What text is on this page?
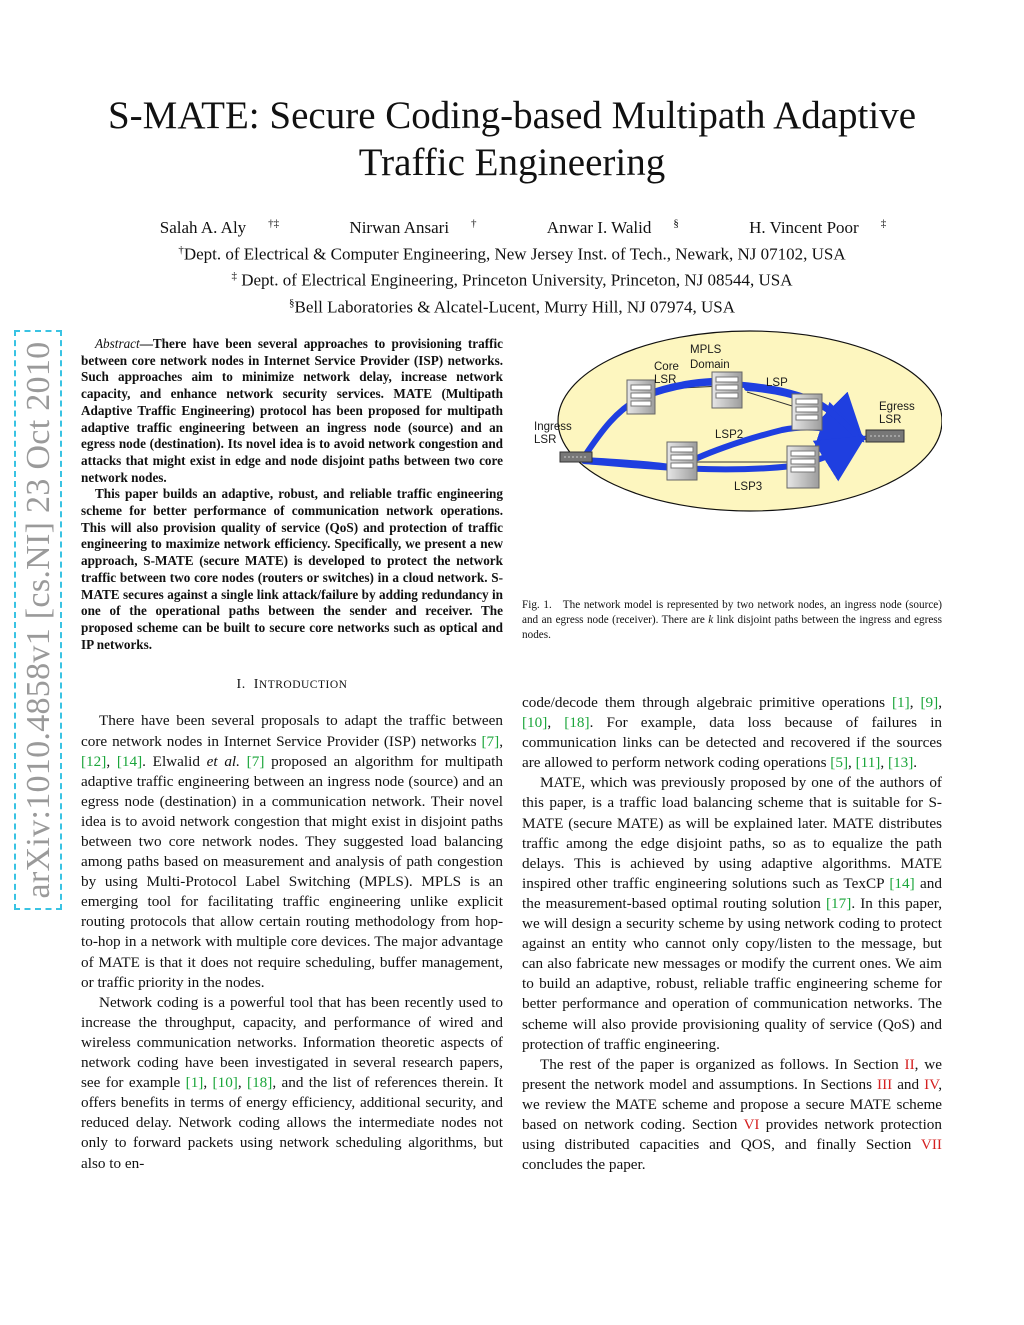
S-MATE: Secure Coding-based Multipath Adaptive
Traffic Engineering
Salah A. Aly †‡	Nirwan Ansari †	Anwar I. Walid §	H. Vincent Poor ‡
†Dept. of Electrical & Computer Engineering, New Jersey Inst. of Tech., Newark, NJ 07102, USA
‡ Dept. of Electrical Engineering, Princeton University, Princeton, NJ 08544, USA
§Bell Laboratories & Alcatel-Lucent, Murry Hill, NJ 07974, USA
arXiv:1010.4858v1 [cs.NI] 23 Oct 2010	Abstract—There have been several approaches to provisioning traffic between core network nodes in Internet Service Provider (ISP) networks. Such approaches aim to minimize network delay, increase network capacity, and enhance network security services. MATE (Multipath Adaptive Traffic Engineering) protocol has been proposed for multipath adaptive traffic engineering between an ingress node (source) and an egress node (destination). Its novel idea is to avoid network congestion and attacks that might exist in edge and node disjoint paths between two core network nodes.

This paper builds an adaptive, robust, and reliable traffic engineering scheme for better performance of communication network operations. This will also provision quality of service (QoS) and protection of traffic engineering to maximize network efficiency. Specifically, we present a new approach, S-MATE (secure MATE) is developed to protect the network traffic between two core nodes (routers or switches) in a cloud network. S-MATE secures against a single link attack/failure by adding redundancy in one of the operational paths between the sender and receiver. The proposed scheme can be built to secure core networks such as optical and IP networks.

I. INTRODUCTION

There have been several proposals to adapt the traffic between core network nodes in Internet Service Provider (ISP) networks [7], [12], [14]. Elwalid et al. [7] proposed an algorithm for multipath adaptive traffic engineering between an ingress node (source) and an egress node (destination) in a communication network. Their novel idea is to avoid network congestion that might exist in disjoint paths between two core network nodes. They suggested load balancing among paths based on measurement and analysis of path congestion by using Multi-Protocol Label Switching (MPLS). MPLS is an emerging tool for facilitating traffic engineering unlike explicit routing protocols that allow certain routing methodology from hop-to-hop in a network with multiple core devices. The major advantage of MATE is that it does not require scheduling, buffer management, or traffic priority in the nodes.

Network coding is a powerful tool that has been recently used to increase the throughput, capacity, and performance of wired and wireless communication networks. Information theoretic aspects of network coding have been investigated in several research papers, see for example [1], [10], [18], and the list of references therein. It offers benefits in terms of energy efficiency, additional security, and reduced delay. Network coding allows the intermediate nodes not only to forward packets using network scheduling algorithms, but also to en-

MPLS
Domain
Core
LSR
Ingress
LSR
Egress
LSR
LSP
LSP2
LSP3
Fig. 1. The network model is represented by two network nodes, an ingress node (source) and an egress node (receiver). There are k link disjoint paths between the ingress and egress nodes.

code/decode them through algebraic primitive operations [1], [9], [10], [18]. For example, data loss because of failures in communication links can be detected and recovered if the sources are allowed to perform network coding operations [5], [11], [13].

MATE, which was previously proposed by one of the authors of this paper, is a traffic load balancing scheme that is suitable for S-MATE (secure MATE) as will be explained later. MATE distributes traffic among the edge disjoint paths, so as to equalize the path delays. This is achieved by using adaptive algorithms. MATE inspired other traffic engineering solutions such as TexCP [14] and the measurement-based optimal routing solution [17]. In this paper, we will design a security scheme by using network coding to protect against an entity who cannot only copy/listen to the message, but can also fabricate new messages or modify the current ones. We aim to build an adaptive, robust, reliable traffic engineering scheme for better performance and operation of communication networks. The scheme will also provide provisioning quality of service (QoS) and protection of traffic engineering.

The rest of the paper is organized as follows. In Section II, we present the network model and assumptions. In Sections III and IV, we review the MATE scheme and propose a secure MATE scheme based on network coding. Section VI provides network protection using distributed capacities and QOS, and finally Section VII concludes the paper.
